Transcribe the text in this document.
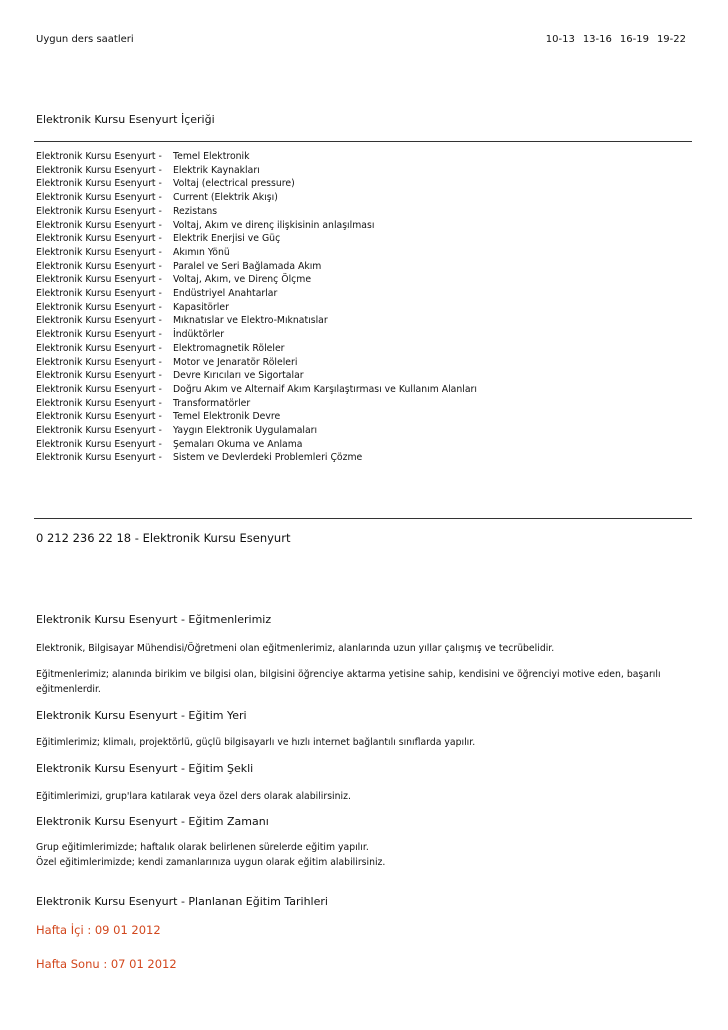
Uygun ders saatleri	10-13 13-16 16-19 19-22
Elektronik Kursu Esenyurt İçeriği
Elektronik Kursu Esenyurt -	Temel Elektronik
Elektronik Kursu Esenyurt -	Elektrik Kaynakları
Elektronik Kursu Esenyurt -	Voltaj (electrical pressure)
Elektronik Kursu Esenyurt -	Current (Elektrik Akışı)
Elektronik Kursu Esenyurt -	Rezistans
Elektronik Kursu Esenyurt -	Voltaj, Akım ve direnç ilişkisinin anlaşılması
Elektronik Kursu Esenyurt -	Elektrik Enerjisi ve Güç
Elektronik Kursu Esenyurt -	Akımın Yönü
Elektronik Kursu Esenyurt -	Paralel ve Seri Bağlamada Akım
Elektronik Kursu Esenyurt -	Voltaj, Akım, ve Direnç Ölçme
Elektronik Kursu Esenyurt -	Endüstriyel Anahtarlar
Elektronik Kursu Esenyurt -	Kapasitörler
Elektronik Kursu Esenyurt -	Mıknatıslar ve Elektro-Mıknatıslar
Elektronik Kursu Esenyurt -	İndüktörler
Elektronik Kursu Esenyurt -	Elektromagnetik Röleler
Elektronik Kursu Esenyurt -	Motor ve Jenaratör Röleleri
Elektronik Kursu Esenyurt -	Devre Kırıcıları ve Sigortalar
Elektronik Kursu Esenyurt -	Doğru Akım ve Alternaif Akım Karşılaştırması ve Kullanım Alanları
Elektronik Kursu Esenyurt -	Transformatörler
Elektronik Kursu Esenyurt -	Temel Elektronik Devre
Elektronik Kursu Esenyurt -	Yaygın Elektronik Uygulamaları
Elektronik Kursu Esenyurt -	Şemaları Okuma ve Anlama
Elektronik Kursu Esenyurt -	Sistem ve Devlerdeki Problemleri Çözme
0 212 236 22 18 - Elektronik Kursu Esenyurt
Elektronik Kursu Esenyurt - Eğitmenlerimiz
Elektronik, Bilgisayar Mühendisi/Öğretmeni olan eğitmenlerimiz, alanlarında uzun yıllar çalışmış ve tecrübelidir.
Eğitmenlerimiz; alanında birikim ve bilgisi olan, bilgisini öğrenciye aktarma yetisine sahip, kendisini ve öğrenciyi motive eden, başarılı
eğitmenlerdir.
Elektronik Kursu Esenyurt - Eğitim Yeri
Eğitimlerimiz; klimalı, projektörlü, güçlü bilgisayarlı ve hızlı internet bağlantılı sınıflarda yapılır.
Elektronik Kursu Esenyurt - Eğitim Şekli
Eğitimlerimizi, grup'lara katılarak veya özel ders olarak alabilirsiniz.
Elektronik Kursu Esenyurt - Eğitim Zamanı
Grup eğitimlerimizde; haftalık olarak belirlenen sürelerde eğitim yapılır.
Özel eğitimlerimizde; kendi zamanlarınıza uygun olarak eğitim alabilirsiniz.
Elektronik Kursu Esenyurt - Planlanan Eğitim Tarihleri
Hafta İçi : 09 01 2012
Hafta Sonu : 07 01 2012
